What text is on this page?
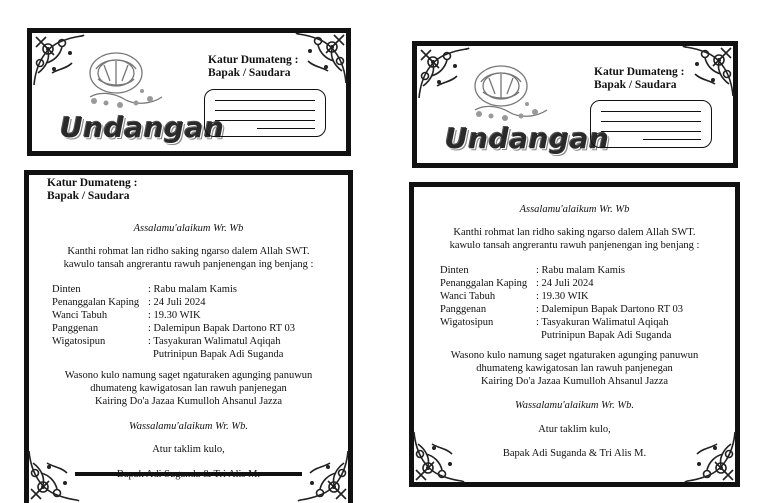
Undangan
Katur Dumateng :
Bapak / Saudara
Undangan
Katur Dumateng :
Bapak / Saudara
Katur Dumateng :
Bapak / Saudara
Assalamu'alaikum Wr. Wb
Kanthi rohmat lan ridho saking ngarso dalem Allah SWT.
kawulo tansah angrerantu rawuh panjenengan ing benjang :
Dinten	: Rabu malam Kamis
Penanggalan Kaping : 24 Juli 2024
Wanci Tabuh	: 19.30 WIK
Panggenan	: Dalemipun Bapak Dartono RT 03
Wigatosipun	: Tasyakuran Walimatul Aqiqah
Putrinipun Bapak Adi Suganda
Wasono kulo namung saget ngaturaken agunging panuwun
dhumateng kawigatosan lan rawuh panjenegan
Kairing Do'a Jazaa Kumulloh Ahsanul Jazza
Wassalamu'alaikum Wr. Wb.
Atur taklim kulo,
Assalamu'alaikum Wr. Wb
Kanthi rohmat lan ridho saking ngarso dalem Allah SWT.
kawulo tansah angrerantu rawuh panjenengan ing benjang :
Dinten	: Rabu malam Kamis
Penanggalan Kaping : 24 Juli 2024
Wanci Tabuh	: 19.30 WIK
Panggenan	: Dalemipun Bapak Dartono RT 03
Wigatosipun	: Tasyakuran Walimatul Aqiqah
Putrinipun Bapak Adi Suganda
Wasono kulo namung saget ngaturaken agunging panuwun
dhumateng kawigatosan lan rawuh panjenegan
Kairing Do'a Jazaa Kumulloh Ahsanul Jazza
Wassalamu'alaikum Wr. Wb.
Atur taklim kulo,
Bapak Adi Suganda & Tri Alis M.
